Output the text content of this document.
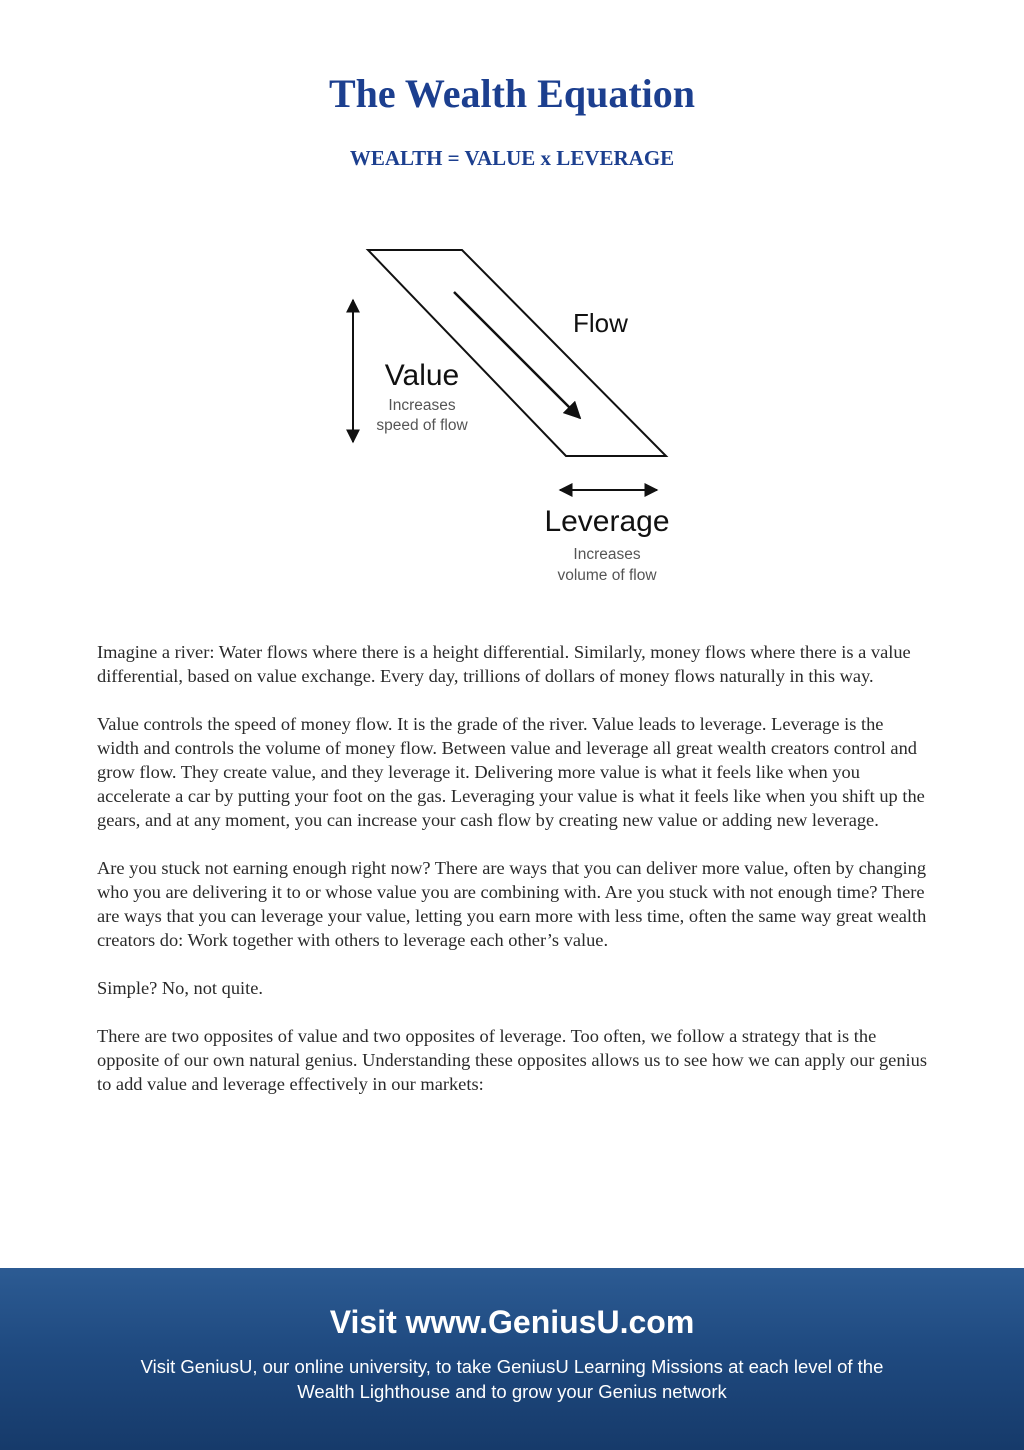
The Wealth Equation
WEALTH = VALUE x LEVERAGE
Flow
Value
Increases
speed of flow
Leverage
Increases
volume of flow

Imagine a river: Water flows where there is a height differential. Similarly, money flows where there is a value differential, based on value exchange. Every day, trillions of dollars of money flows naturally in this way.

Value controls the speed of money flow. It is the grade of the river. Value leads to leverage. Leverage is the width and controls the volume of money flow. Between value and leverage all great wealth creators control and grow flow. They create value, and they leverage it. Delivering more value is what it feels like when you accelerate a car by putting your foot on the gas. Leveraging your value is what it feels like when you shift up the gears, and at any moment, you can increase your cash flow by creating new value or adding new leverage.

Are you stuck not earning enough right now? There are ways that you can deliver more value, often by changing who you are delivering it to or whose value you are combining with. Are you stuck with not enough time? There are ways that you can leverage your value, letting you earn more with less time, often the same way great wealth creators do: Work together with others to leverage each other’s value.

Simple? No, not quite.

There are two opposites of value and two opposites of leverage. Too often, we follow a strategy that is the opposite of our own natural genius. Understanding these opposites allows us to see how we can apply our genius to add value and leverage effectively in our markets:

Visit www.GeniusU.com
Visit GeniusU, our online university, to take GeniusU Learning Missions at each level of the Wealth Lighthouse and to grow your Genius network
